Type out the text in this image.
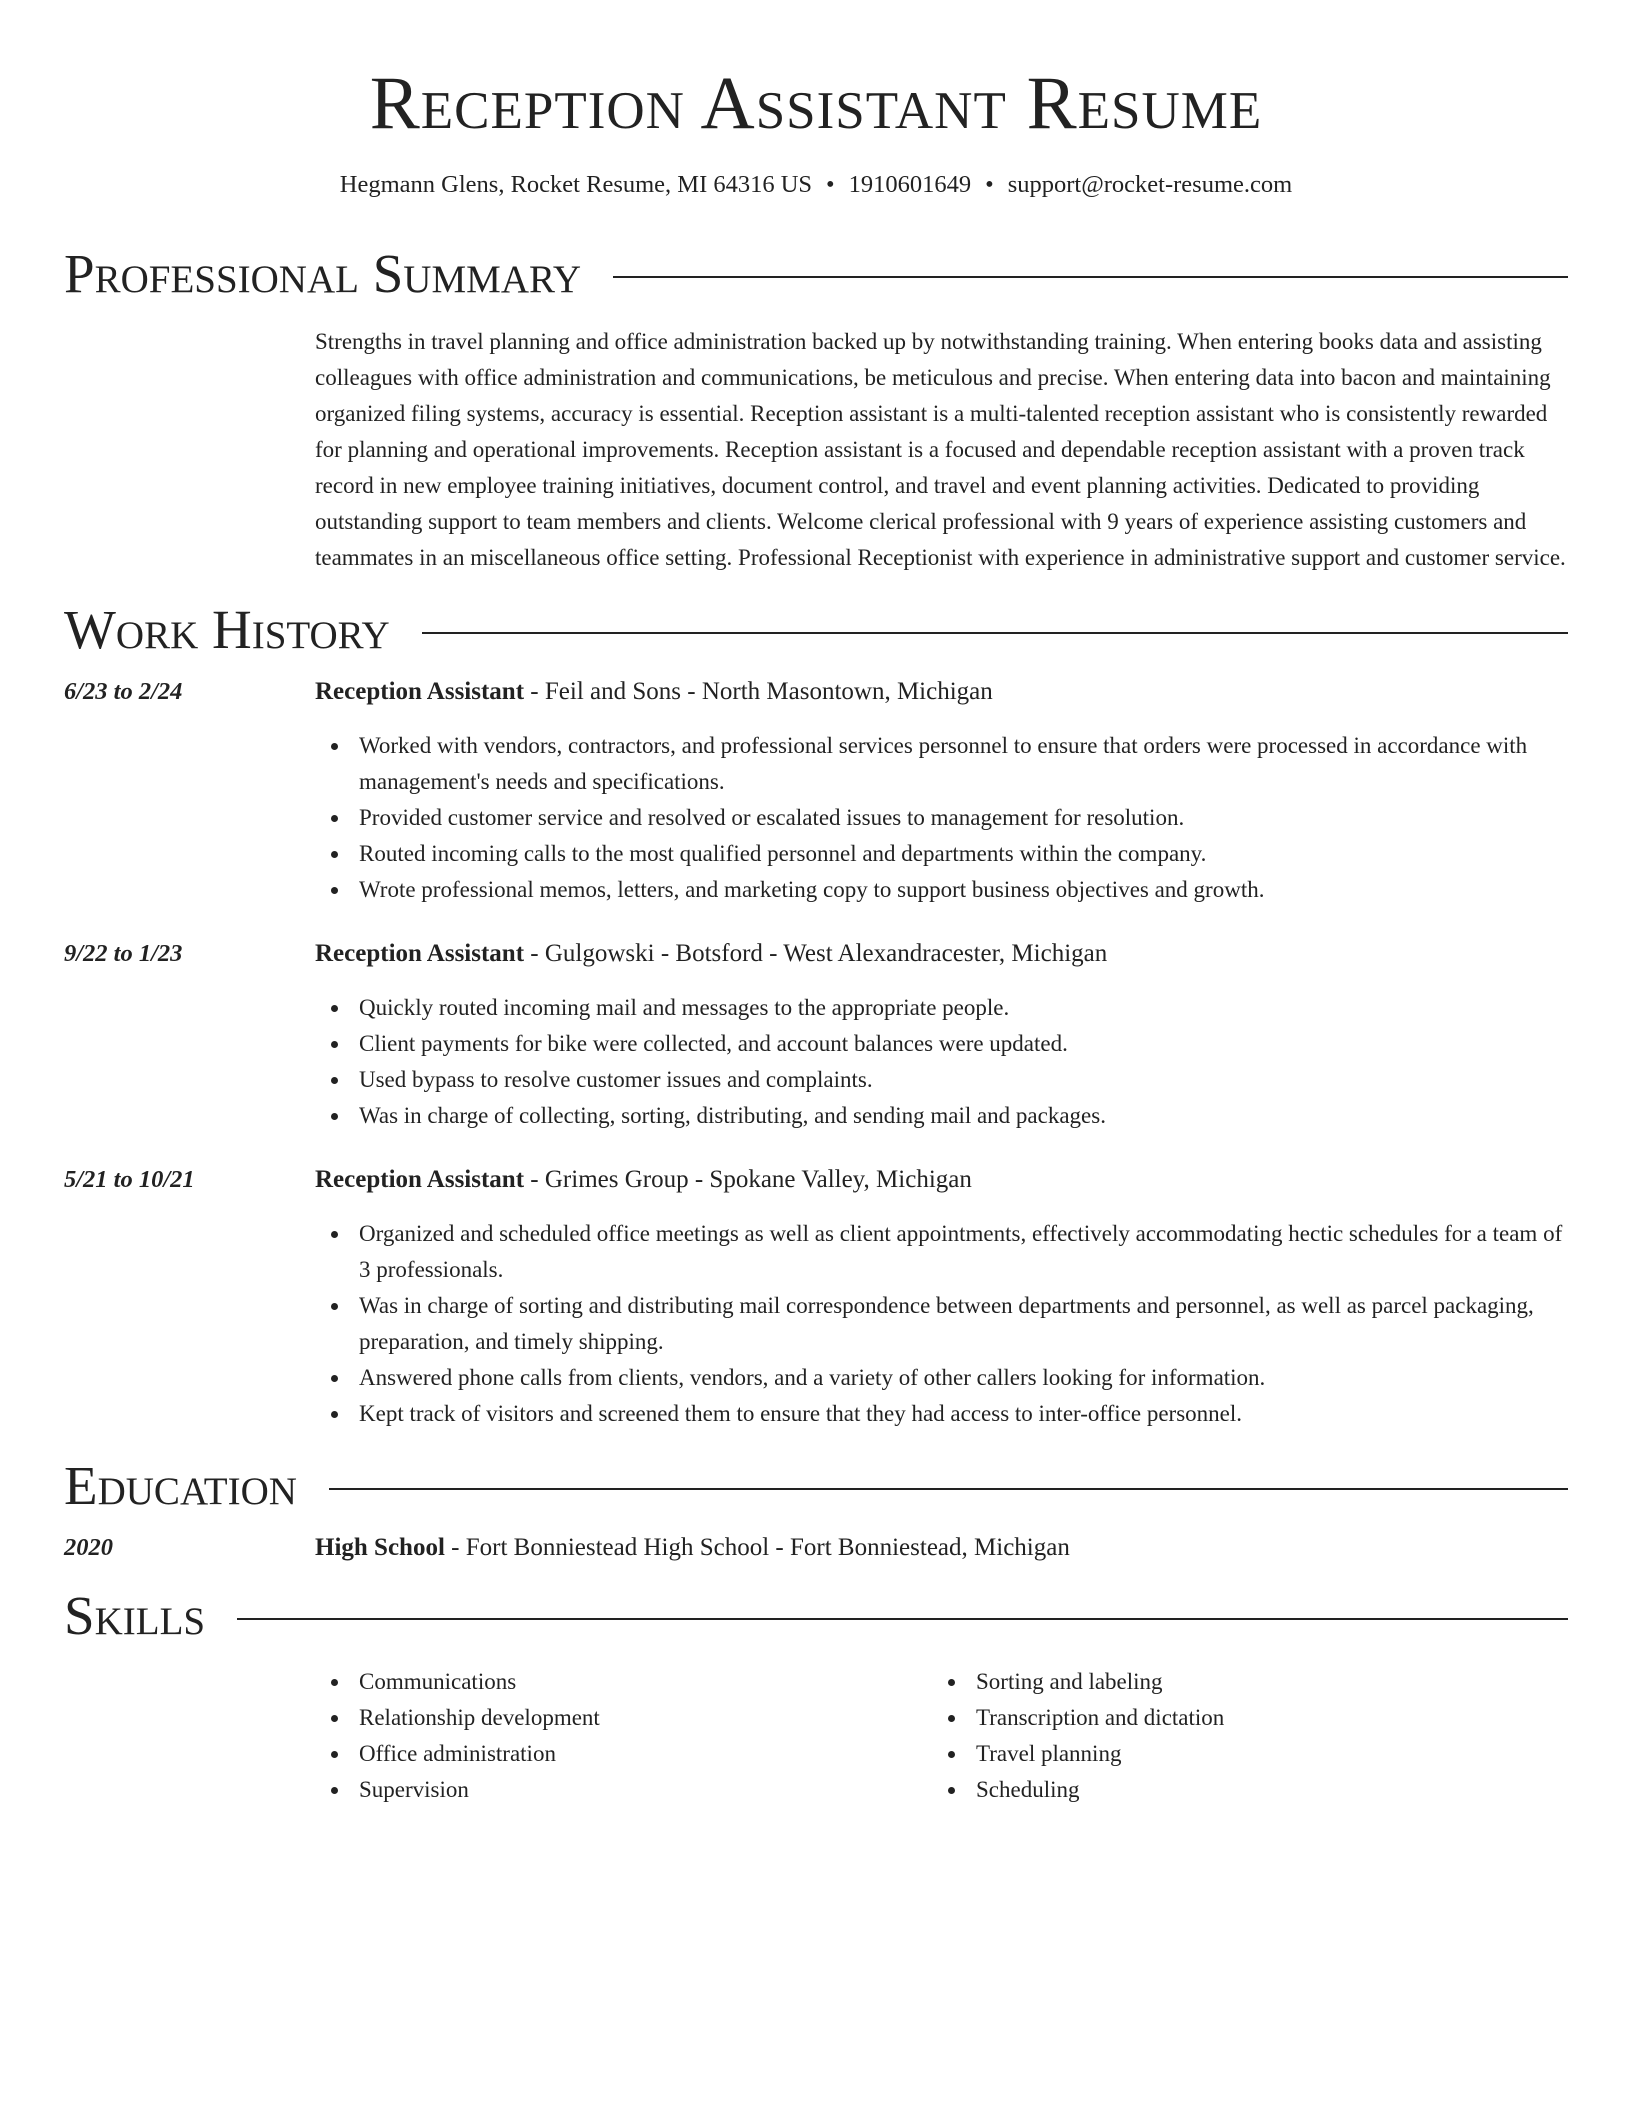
Reception Assistant Resume
Hegmann Glens, Rocket Resume, MI 64316 US • 1910601649 • support@rocket-resume.com
Professional Summary

Strengths in travel planning and office administration backed up by notwithstanding training. When entering books data and assisting colleagues with office administration and communications, be meticulous and precise. When entering data into bacon and maintaining organized filing systems, accuracy is essential. Reception assistant is a multi-talented reception assistant who is consistently rewarded for planning and operational improvements. Reception assistant is a focused and dependable reception assistant with a proven track record in new employee training initiatives, document control, and travel and event planning activities. Dedicated to providing outstanding support to team members and clients. Welcome clerical professional with 9 years of experience assisting customers and teammates in an miscellaneous office setting. Professional Receptionist with experience in administrative support and customer service.

Work History
6/23 to 2/24	Reception Assistant - Feil and Sons - North Masontown, Michigan
Worked with vendors, contractors, and professional services personnel to ensure that orders were processed in accordance with management's needs and specifications.
Provided customer service and resolved or escalated issues to management for resolution.
Routed incoming calls to the most qualified personnel and departments within the company.
Wrote professional memos, letters, and marketing copy to support business objectives and growth.
9/22 to 1/23	Reception Assistant - Gulgowski - Botsford - West Alexandracester, Michigan
Quickly routed incoming mail and messages to the appropriate people.
Client payments for bike were collected, and account balances were updated.
Used bypass to resolve customer issues and complaints.
Was in charge of collecting, sorting, distributing, and sending mail and packages.
5/21 to 10/21	Reception Assistant - Grimes Group - Spokane Valley, Michigan
Organized and scheduled office meetings as well as client appointments, effectively accommodating hectic schedules for a team of 3 professionals.
Was in charge of sorting and distributing mail correspondence between departments and personnel, as well as parcel packaging, preparation, and timely shipping.
Answered phone calls from clients, vendors, and a variety of other callers looking for information.
Kept track of visitors and screened them to ensure that they had access to inter-office personnel.
Education
2020	High School - Fort Bonniestead High School - Fort Bonniestead, Michigan
Skills
Communications
Relationship development
Office administration
Supervision
Sorting and labeling
Transcription and dictation
Travel planning
Scheduling
